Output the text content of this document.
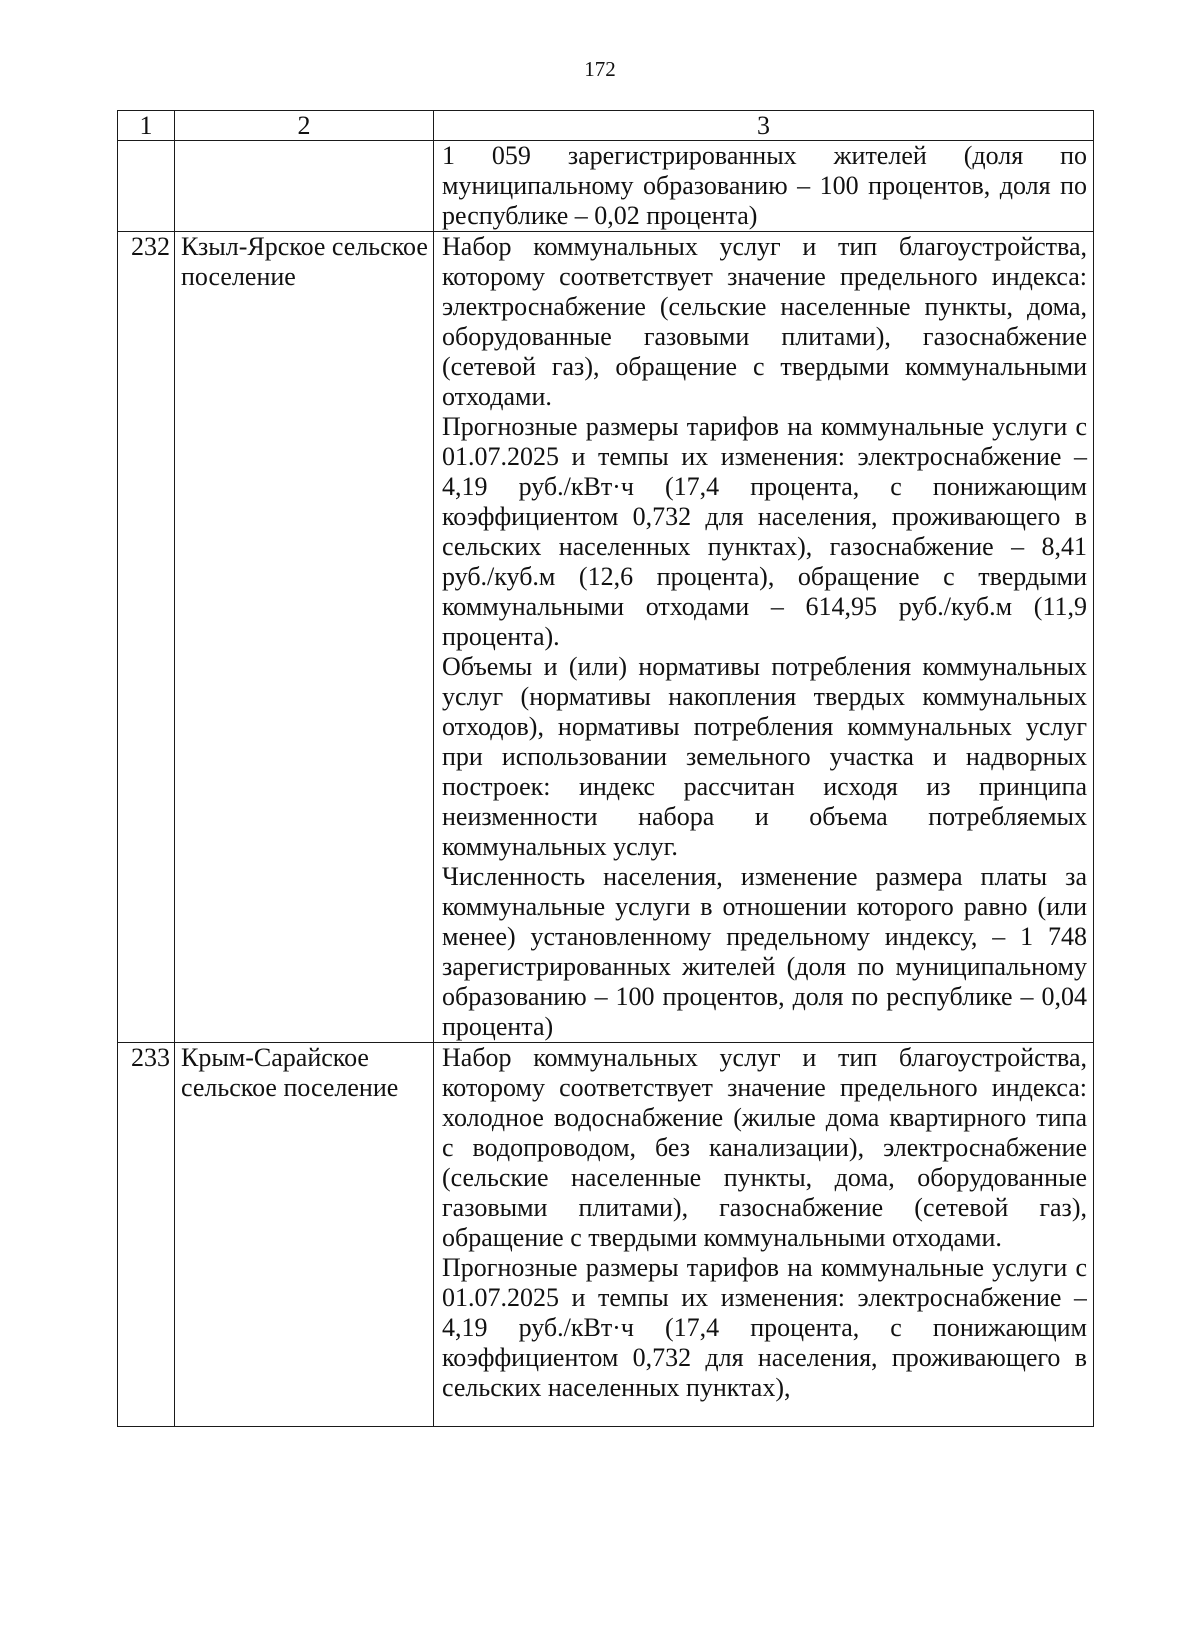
172
1	2	3

		1 059 зарегистрированных жителей (доля по муниципальному образованию – 100 процентов, доля по республике – 0,02 процента)

232	Кзыл-Ярское сельское поселение	Набор коммунальных услуг и тип благоустройства, которому соответствует значение предельного индекса: электроснабжение (сельские населенные пункты, дома, оборудованные газовыми плитами), газоснабжение (сетевой газ), обращение с твердыми коммунальными отходами.

Прогнозные размеры тарифов на коммунальные услуги с 01.07.2025 и темпы их изменения: электроснабжение – 4,19 руб./кВт·ч (17,4 процента, с понижающим коэффициентом 0,732 для населения, проживающего в сельских населенных пунктах), газоснабжение – 8,41 руб./куб.м (12,6 процента), обращение с твердыми коммунальными отходами – 614,95 руб./куб.м (11,9 процента).

Объемы и (или) нормативы потребления коммунальных услуг (нормативы накопления твердых коммунальных отходов), нормативы потребления коммунальных услуг при использовании земельного участка и надворных построек: индекс рассчитан исходя из принципа неизменности набора и объема потребляемых коммунальных услуг.

Численность населения, изменение размера платы за коммунальные услуги в отношении которого равно (или менее) установленному предельному индексу, – 1 748 зарегистрированных жителей (доля по муниципальному образованию – 100 процентов, доля по республике – 0,04 процента)

233	Крым-Сарайское сельское поселение	Набор коммунальных услуг и тип благоустройства, которому соответствует значение предельного индекса: холодное водоснабжение (жилые дома квартирного типа с водопроводом, без канализации), электроснабжение (сельские населенные пункты, дома, оборудованные газовыми плитами), газоснабжение (сетевой газ), обращение с твердыми коммунальными отходами.

Прогнозные размеры тарифов на коммунальные услуги с 01.07.2025 и темпы их изменения: электроснабжение – 4,19 руб./кВт·ч (17,4 процента, с понижающим коэффициентом 0,732 для населения, проживающего в сельских населенных пунктах),
